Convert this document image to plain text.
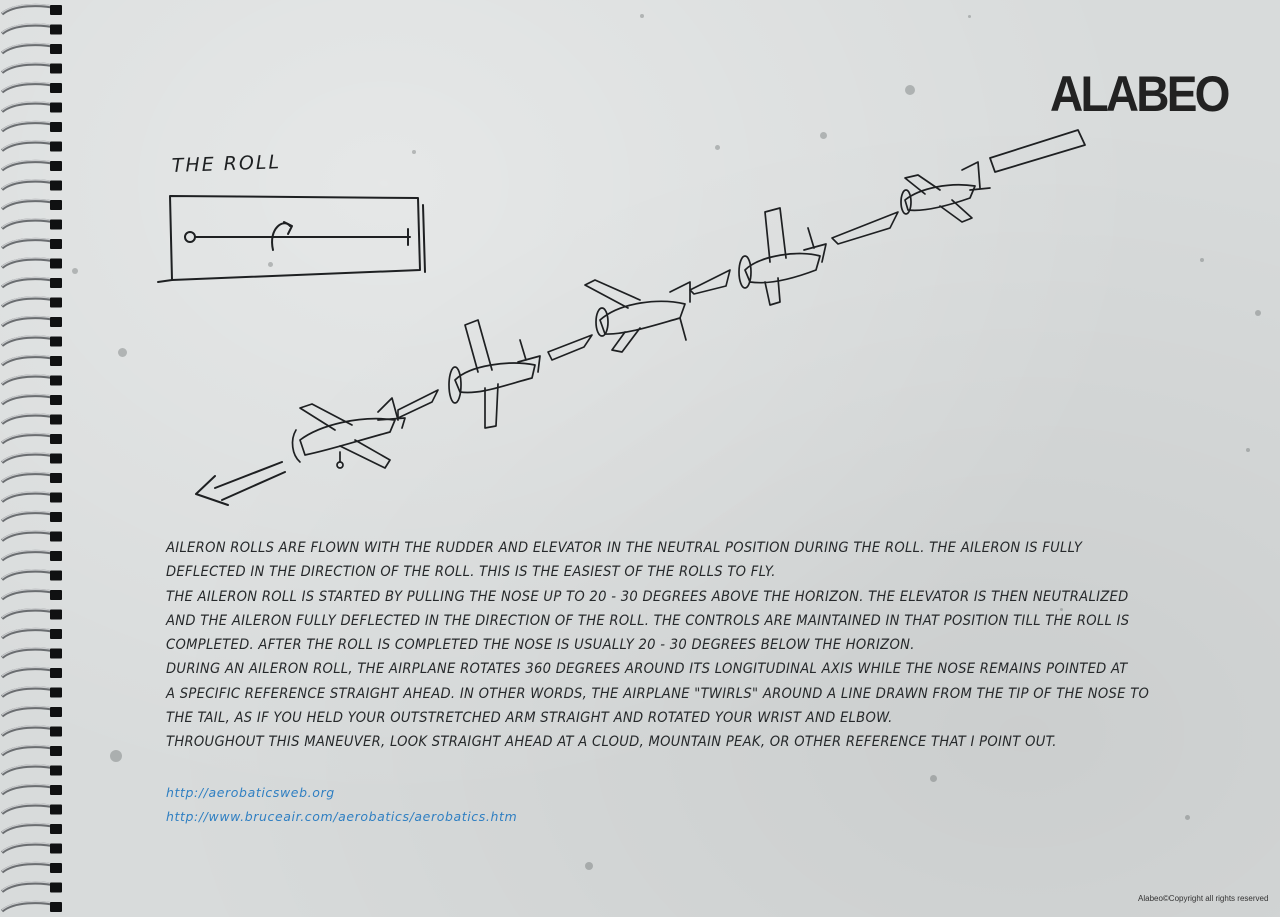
ALABEO
THE ROLL

AILERON ROLLS ARE FLOWN WITH THE RUDDER AND ELEVATOR IN THE NEUTRAL POSITION DURING THE ROLL. THE AILERON IS FULLY

DEFLECTED IN THE DIRECTION OF THE ROLL. THIS IS THE EASIEST OF THE ROLLS TO FLY.

THE AILERON ROLL IS STARTED BY PULLING THE NOSE UP TO 20 - 30 DEGREES ABOVE THE HORIZON. THE ELEVATOR IS THEN NEUTRALIZED

AND THE AILERON FULLY DEFLECTED IN THE DIRECTION OF THE ROLL. THE CONTROLS ARE MAINTAINED IN THAT POSITION TILL THE ROLL IS

COMPLETED. AFTER THE ROLL IS COMPLETED THE NOSE IS USUALLY 20 - 30 DEGREES BELOW THE HORIZON.

DURING AN AILERON ROLL, THE AIRPLANE ROTATES 360 DEGREES AROUND ITS LONGITUDINAL AXIS WHILE THE NOSE REMAINS POINTED AT

A SPECIFIC REFERENCE STRAIGHT AHEAD. IN OTHER WORDS, THE AIRPLANE "TWIRLS" AROUND A LINE DRAWN FROM THE TIP OF THE NOSE TO

THE TAIL, AS IF YOU HELD YOUR OUTSTRETCHED ARM STRAIGHT AND ROTATED YOUR WRIST AND ELBOW.

THROUGHOUT THIS MANEUVER, LOOK STRAIGHT AHEAD AT A CLOUD, MOUNTAIN PEAK, OR OTHER REFERENCE THAT I POINT OUT.

http://aerobaticsweb.org
http://www.bruceair.com/aerobatics/aerobatics.htm
Alabeo©Copyright all rights reserved
